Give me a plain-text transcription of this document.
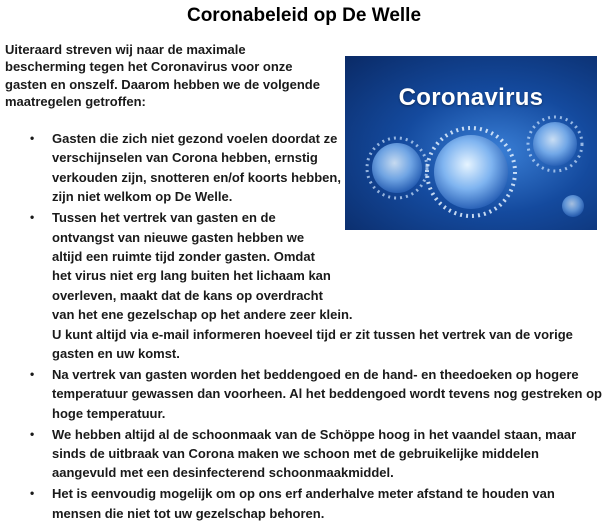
Coronabeleid op De Welle
Uiteraard streven wij naar de maximale bescherming tegen het Coronavirus voor onze gasten en onszelf. Daarom hebben we de volgende maatregelen getroffen:	Coronavirus
• Gasten die zich niet gezond voelen doordat ze verschijnselen van Corona hebben, ernstig verkouden zijn, snotteren en/of koorts hebben, zijn niet welkom op De Welle.
• Tussen het vertrek van gasten en de ontvangst van nieuwe gasten hebben we altijd een ruimte tijd zonder gasten. Omdat het virus niet erg lang buiten het lichaam kan overleven, maakt dat de kans op overdracht van het ene gezelschap op het andere zeer klein.
U kunt altijd via e-mail informeren hoeveel tijd er zit tussen het vertrek van de vorige gasten en uw komst.
• Na vertrek van gasten worden het beddengoed en de hand- en theedoeken op hogere temperatuur gewassen dan voorheen. Al het beddengoed wordt tevens nog gestreken op hoge temperatuur.
• We hebben altijd al de schoonmaak van de Schöppe hoog in het vaandel staan, maar sinds de uitbraak van Corona maken we schoon met de gebruikelijke middelen aangevuld met een desinfecterend schoonmaakmiddel.
• Het is eenvoudig mogelijk om op ons erf anderhalve meter afstand te houden van mensen die niet tot uw gezelschap behoren.
